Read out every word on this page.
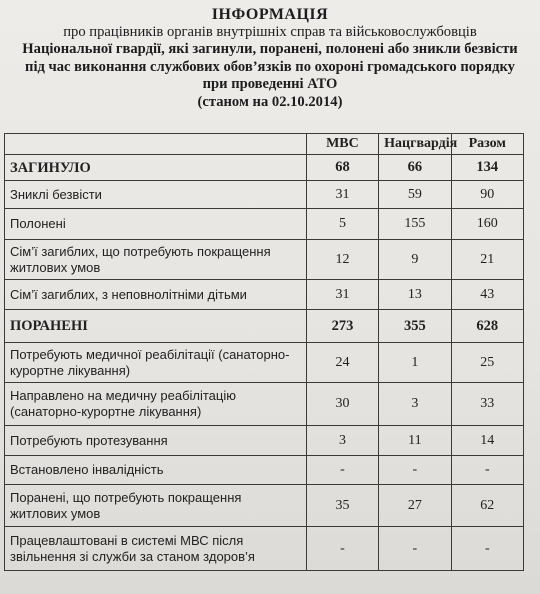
ІНФОРМАЦІЯ
про працівників органів внутрішніх справ та військовослужбовців
Національної гвардії, які загинули, поранені, полонені або зникли безвісти
під час виконання службових обов’язків по охороні громадського порядку
при проведенні АТО
(станом на 02.10.2014)
	МВС	Нацгвардія	Разом
ЗАГИНУЛО	68	66	134
Зниклі безвісти	31	59	90
Полонені	5	155	160
Сім’ї загиблих, що потребують покращення житлових умов	12	9	21
Сім’ї загиблих, з неповнолітніми дітьми	31	13	43
ПОРАНЕНІ	273	355	628
Потребують медичної реабілітації (санаторно-курортне лікування)	24	1	25
Направлено на медичну реабілітацію (санаторно-курортне лікування)	30	3	33
Потребують протезування	3	11	14
Встановлено інвалідність	-	-	-
Поранені, що потребують покращення житлових умов	35	27	62
Працевлаштовані в системі МВС після звільнення зі служби за станом здоров’я	-	-	-
